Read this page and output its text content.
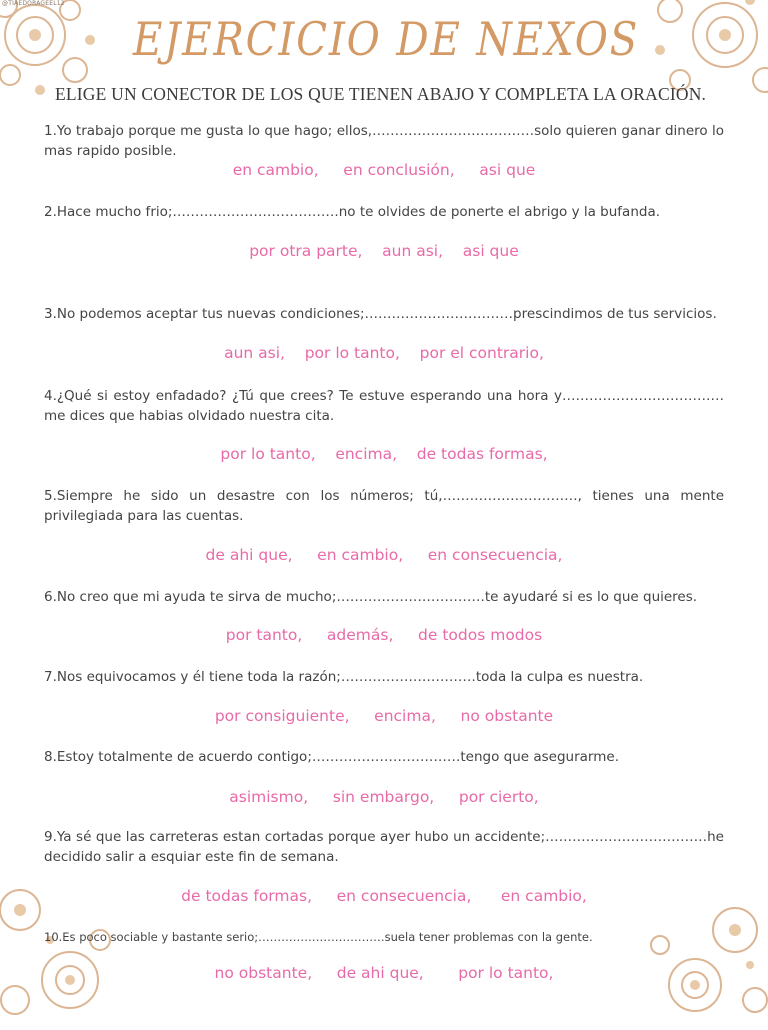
@TIAEDORAGEEL12
EJERCICIO DE NEXOS
ELIGE UN CONECTOR DE LOS QUE TIENEN ABAJO Y COMPLETA LA ORACIÓN.
1.Yo trabajo porque me gusta lo que hago; ellos,………………………………solo quieren ganar dinero lo mas rapido posible.
en cambio,     en conclusión,     asi que
2.Hace mucho frio;……………………………….no te olvides de ponerte el abrigo y la bufanda.
por otra parte,    aun asi,    asi que
3.No podemos aceptar tus nuevas condiciones;……………………………prescindimos de tus servicios.
aun asi,    por lo tanto,    por el contrario,
4.¿Qué si estoy enfadado? ¿Tú que crees? Te estuve esperando una hora y………………………………me dices que habias olvidado nuestra cita.
por lo tanto,    encima,    de todas formas,
5.Siempre he sido un desastre con los números; tú,…………………………, tienes una mente privilegiada para las cuentas.
de ahi que,     en cambio,     en consecuencia,
6.No creo que mi ayuda te sirva de mucho;……………………………te ayudaré si es lo que quieres.
por tanto,     además,     de todos modos
7.Nos equivocamos y él tiene toda la razón;…………………………toda la culpa es nuestra.
por consiguiente,     encima,     no obstante
8.Estoy totalmente de acuerdo contigo;……………………………tengo que asegurarme.
asimismo,     sin embargo,     por cierto,
9.Ya sé que las carreteras estan cortadas porque ayer hubo un accidente;………………………………he decidido salir a esquiar este fin de semana.
de todas formas,     en consecuencia,      en cambio,
10.Es poco sociable y bastante serio;……………………………suela tener problemas con la gente.
no obstante,     de ahi que,       por lo tanto,
